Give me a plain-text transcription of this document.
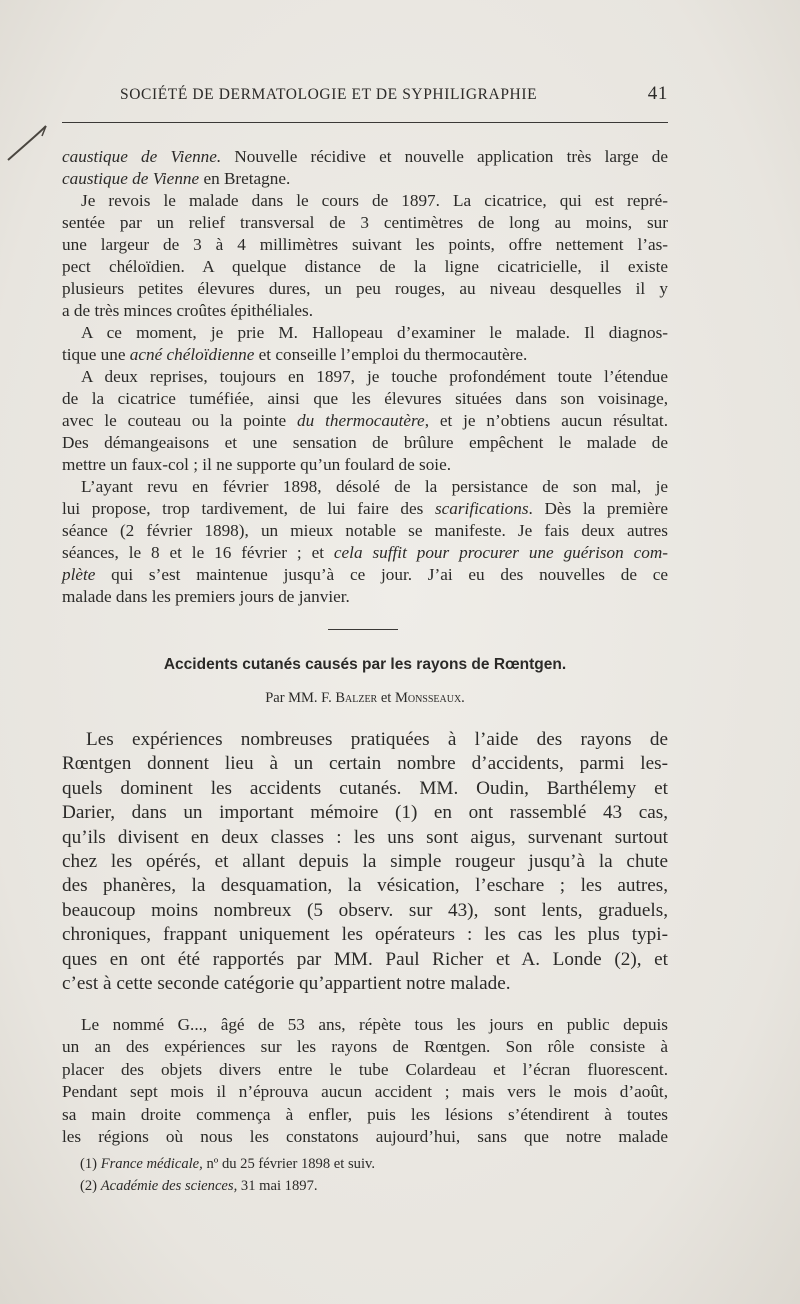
SOCIÉTÉ DE DERMATOLOGIE ET DE SYPHILIGRAPHIE	41
caustique de Vienne. Nouvelle récidive et nouvelle application très large de
caustique de Vienne en Bretagne.
Je revois le malade dans le cours de 1897. La cicatrice, qui est repré-
sentée par un relief transversal de 3 centimètres de long au moins, sur
une largeur de 3 à 4 millimètres suivant les points, offre nettement l’as-
pect chéloïdien. A quelque distance de la ligne cicatricielle, il existe
plusieurs petites élevures dures, un peu rouges, au niveau desquelles il y
a de très minces croûtes épithéliales.
A ce moment, je prie M. Hallopeau d’examiner le malade. Il diagnos-
tique une acné chéloïdienne et conseille l’emploi du thermocautère.
A deux reprises, toujours en 1897, je touche profondément toute l’étendue
de la cicatrice tuméfiée, ainsi que les élevures situées dans son voisinage,
avec le couteau ou la pointe du thermocautère, et je n’obtiens aucun résultat.
Des démangeaisons et une sensation de brûlure empêchent le malade de
mettre un faux-col ; il ne supporte qu’un foulard de soie.
L’ayant revu en février 1898, désolé de la persistance de son mal, je
lui propose, trop tardivement, de lui faire des scarifications. Dès la première
séance (2 février 1898), un mieux notable se manifeste. Je fais deux autres
séances, le 8 et le 16 février ; et cela suffit pour procurer une guérison com-
plète qui s’est maintenue jusqu’à ce jour. J’ai eu des nouvelles de ce
malade dans les premiers jours de janvier.
Les expériences nombreuses pratiquées à l’aide des rayons de
Rœntgen donnent lieu à un certain nombre d’accidents, parmi les-
quels dominent les accidents cutanés. MM. Oudin, Barthélemy et
Darier, dans un important mémoire (1) en ont rassemblé 43 cas,
qu’ils divisent en deux classes : les uns sont aigus, survenant surtout
chez les opérés, et allant depuis la simple rougeur jusqu’à la chute
des phanères, la desquamation, la vésication, l’eschare ; les autres,
beaucoup moins nombreux (5 observ. sur 43), sont lents, graduels,
chroniques, frappant uniquement les opérateurs : les cas les plus typi-
ques en ont été rapportés par MM. Paul Richer et A. Londe (2), et
c’est à cette seconde catégorie qu’appartient notre malade.
Le nommé G..., âgé de 53 ans, répète tous les jours en public depuis
un an des expériences sur les rayons de Rœntgen. Son rôle consiste à
placer des objets divers entre le tube Colardeau et l’écran fluorescent.
Pendant sept mois il n’éprouva aucun accident ; mais vers le mois d’août,
sa main droite commença à enfler, puis les lésions s’étendirent à toutes
les régions où nous les constatons aujourd’hui, sans que notre malade
Accidents cutanés causés par les rayons de Rœntgen.
Par MM. F. Balzer et Monsseaux.
(1) France médicale, nº du 25 février 1898 et suiv.
(2) Académie des sciences, 31 mai 1897.
